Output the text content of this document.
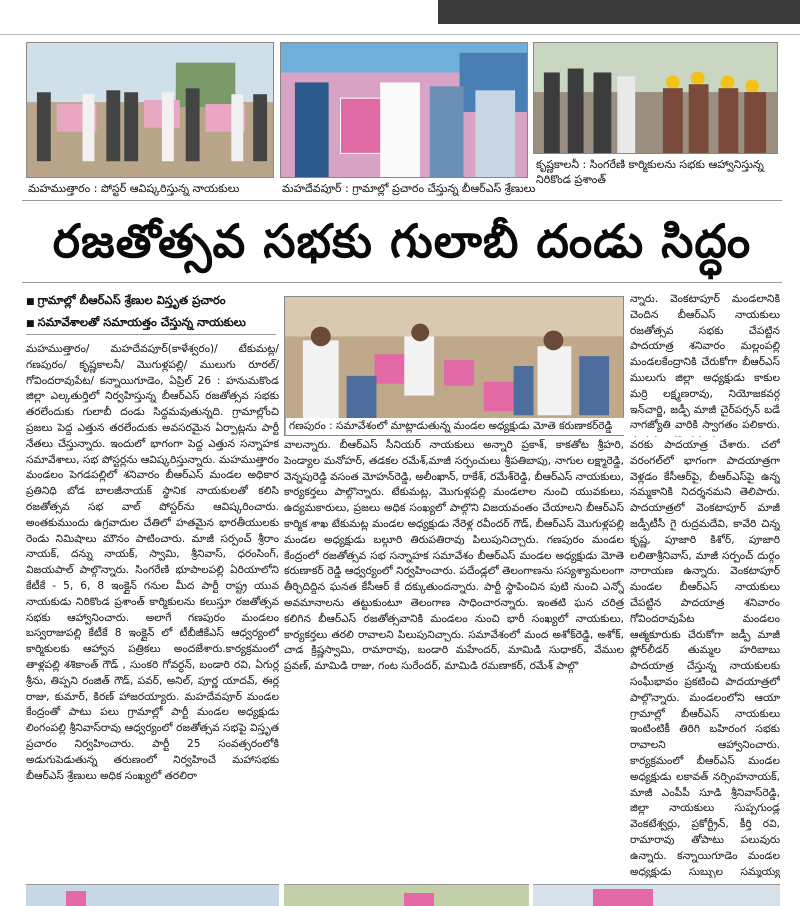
మహముత్తారం : పోస్టర్ ఆవిష్కరిస్తున్న నాయకులు	మహదేవపూర్ : గ్రామాల్లో ప్రచారం చేస్తున్న బీఆర్ఎస్ శ్రేణులు
కృష్ణకాలనీ : సింగరేణి కార్మికులను సభకు ఆహ్వానిస్తున్న
నిరికొండ ప్రశాంత్
రజతోత్సవ సభకు గులాబీ దండు సిద్ధం
■ గ్రామాల్లో బీఆర్ఎస్ శ్రేణుల విస్తృత ప్రచారం
■ సమావేశాలతో సమాయత్తం చేస్తున్న నాయకులు
గణపురం : సమావేశంలో మాట్లాడుతున్న మండల అధ్యక్షుడు మోతె కరుణాకర్‌రెడ్డి

మహముత్తారం/ మహదేవపూర్(కాళేశ్వరం)/ టేకుమట్ల/ గణపురం/ కృష్ణకాలనీ/ మొగుళ్లపల్లి/ ములుగు రూరల్/ గోవిందరావుపేట/ కన్నాయిగూడెం, ఏప్రిల్ 26 : హనుమకొండ జిల్లా ఎల్కతుర్తిలో నిర్వహిస్తున్న బీఆర్ఎస్ రజతోత్సవ సభకు తరలేందుకు గులాబీ దండు సిద్ధమవుతున్నది. గ్రామాల్లోంచి ప్రజలు పెద్ద ఎత్తున తరలేందుకు అవసరమైన ఏర్పాట్లను పార్టీ నేతలు చేస్తున్నారు. ఇందులో భాగంగా పెద్ద ఎత్తున సన్నాహక సమావేశాలు, సభ పోస్టర్లను ఆవిష్కరిస్తున్నారు. మహముత్తారం మండలం పెగడపల్లిలో శనివారం బీఆర్ఎస్ మండల అధికార ప్రతినిధి బోడ బాలజీనాయక్ స్థానిక నాయకులతో కలిసి రజతోత్సవ సభ వాల్ పోస్టర్‌ను ఆవిష్కరించారు. అంతకుముందు ఉగ్రవాదుల చేతిలో హతమైన భారతీయులకు రెండు నిమిషాలు మౌనం పాటించారు. మాజీ సర్పంచ్ శ్రీరాం నాయక్, దన్ను నాయక్, స్వామి, శ్రీనివాస్, ధరంసింగ్, విజయపాల్ పాల్గొన్నారు. సింగరేణి భూపాలపల్లి ఏరియాలోని కేటీకే - 5, 6, 8 ఇంక్లైన్ గనుల మీద పార్టీ రాష్ట్ర యువ నాయకుడు నిరికొండ ప్రశాంత్ కార్మికులను కలుస్తూ రజతోత్సవ సభకు ఆహ్వానించారు. అలాగే గణపురం మండలం బస్వరాజుపల్లి కేటీకే 8 ఇంక్లైన్ లో టీబీజీకేఎస్ ఆధ్వర్యంలో కార్మికులకు ఆహ్వాన పత్రికలు అందజేశారు.కార్యక్రమంలో తాళ్లపల్లి శశికాంత్ గౌడ్ , సుంకరి గోవర్ధన్, బండారి రవి, ఏగుర్ల శ్రీను, తిప్పని రంజిత్ గౌడ్, పవర్, అనిల్, పూర్ణ యాదవ్, ఈర్ల రాజు, కుమార్, కిరణ్ హాజరయ్యారు. మహదేవపూర్ మండల కేంద్రంతో పాటు పలు గ్రామాల్లో పార్టీ మండల అధ్యక్షుడు లింగంపల్లి శ్రీనివాస్‌రావు ఆధ్వర్యంలో రజతోత్సవ సభపై విస్తృత ప్రచారం నిర్వహించారు. పార్టీ 25 సంవత్సరంలోకి అడుగుపెడుతున్న తరుణంలో నిర్వహించే మహాసభకు బీఆర్ఎస్ శ్రేణులు అధిక సంఖ్యలో తరలిరా

వాలన్నారు. బీఆర్ఎస్ సీనియర్ నాయకులు అన్నారి ప్రకాశ్, కాకతోట శ్రీహరి, పెండ్యాల మనోహర్, తడకల రమేశ్,మాజీ సర్పంచులు శ్రీపతిబాపు, నాగుల లక్ష్మారెడ్డి, వెన్నపురెడ్డి వసంత మోహన్‌రెడ్డి, అలీంఖాన్, రాకేశ్, రమేశ్‌రెడ్డి, బీఆర్ఎస్ నాయకులు, కార్యకర్తలు పాల్గొన్నారు. టేకుమట్ల, మొగుళ్లపల్లి మండలాల నుంచి యువకులు, ఉద్యమకారులు, ప్రజలు అధిక సంఖ్యలో పాల్గొని విజయవంతం చేయాలని బీఆర్ఎస్ కార్మిక శాఖ టేకుమట్ల మండల అధ్యక్షుడు నేరెళ్ల రవీందర్ గౌడ్, బీఆర్ఎస్ మొగుళ్లపల్లి మండల అధ్యక్షుడు బల్గూరి తిరుపతిరావు పిలుపునిచ్చారు. గణపురం మండల కేంద్రంలో రజతోత్సవ సభ సన్నాహక సమావేశం బీఆర్ఎస్ మండల అధ్యక్షుడు మోతె కరుణాకర్ రెడ్డి ఆధ్వర్యంలో నిర్వహించారు. పదేండ్లలో తెలంగాణను సస్యశ్యామలంగా తీర్చిదిద్దిన ఘనత కేసీఆర్ కే దక్కుతుందన్నారు. పార్టీ స్థాపించిన పుటి నుంచి ఎన్నో అవమానాలను తట్టుకుంటూ తెలంగాణ సాధించారన్నారు. ఇంతటి ఘన చరిత్ర కలిగిన బీఆర్ఎస్ రజతోత్సవానికి మండలం నుంచి భారీ సంఖ్యలో నాయకులు, కార్యకర్తలు తరలి రావాలని పిలుపునిచ్చారు. సమావేశంలో మంద అశోక్‌రెడ్డి, అశోక్, చాడ క్రిష్ణస్వామి, రామారావు, బండారి మహేందర్, మామిడి సుధాకర్, వేముల ప్రవణ్, మామిడి రాజు, గంట సురేందర్, మామిడి రమణాకర్, రమేశ్ పాల్గొ

న్నారు. వెంకటాపూర్ మండలానికి చెందిన బీఆర్ఎస్ నాయకులు రజతోత్సవ సభకు చేపట్టిన పాదయాత్ర శనివారం మల్లంపల్లి మండలకేంద్రానికి చేరుకోగా బీఆర్ఎస్ ములుగు జిల్లా అధ్యక్షుడు కాకుల మర్రి లక్ష్మణరావు, నియోజకవర్గ ఇన్‌చార్జి, జడ్పీ మాజీ చైర్‌పర్సన్ బడే నాగజ్యోతి వారికి స్వాగతం పలికారు.

వరకు పాదయాత్ర చేశారు. చలో వరంగల్‌లో భాగంగా పాదయాత్రగా వెళ్లడం కేసీఆర్‌పై, బీఆర్ఎస్‌పై ఉన్న నమ్మకానికి నిదర్శనమని తెలిపారు. పాదయాత్రలో వెంకటాపూర్ మాజీ జడ్పీటీసీ గై రుద్రమదేవి, కావేరి చిన్న కృష్ణ, పూజారి కిశోర్, పూజారి లలితాశ్రీనివాస్, మాజీ సర్పంచ్ దుర్గం నారాయణ ఉన్నారు. వెంకటాపూర్ మండల బీఆర్ఎస్ నాయకులు చేపట్టిన పాదయాత్ర శనివారం గోవిందరావుపేట మండలం ఆత్మకూరుకు చేరుకోగా జడ్పీ మాజీ ఫ్లోర్‌లీడర్ తుమ్మల హరిబాబు పాదయాత్ర చేస్తున్న నాయకులకు సంఘీభావం ప్రకటించి పాదయాత్రలో పాల్గొన్నారు. మండలంలోని ఆయా గ్రామాల్లో బీఆర్ఎస్ నాయకులు ఇంటింటికీ తిరిగి బహిరంగ సభకు రావాలని ఆహ్వానించారు. కార్యక్రమంలో బీఆర్ఎస్ మండల అధ్యక్షుడు లకావత్ నర్సింహనాయక్, మాజీ ఎంపీపీ సూడి శ్రీనివాస్‌రెడ్డి, జిల్లా నాయకులు సుప్పగుండ్ల వెంకటేశ్వర్లు, ప్రకోర్ట్రీన్, కీర్తి రవి, రామారావు తోపాటు పలువురు ఉన్నారు. కన్నాయిగూడెం మండల అధ్యక్షుడు సుబ్బుల సమ్మయ్య
